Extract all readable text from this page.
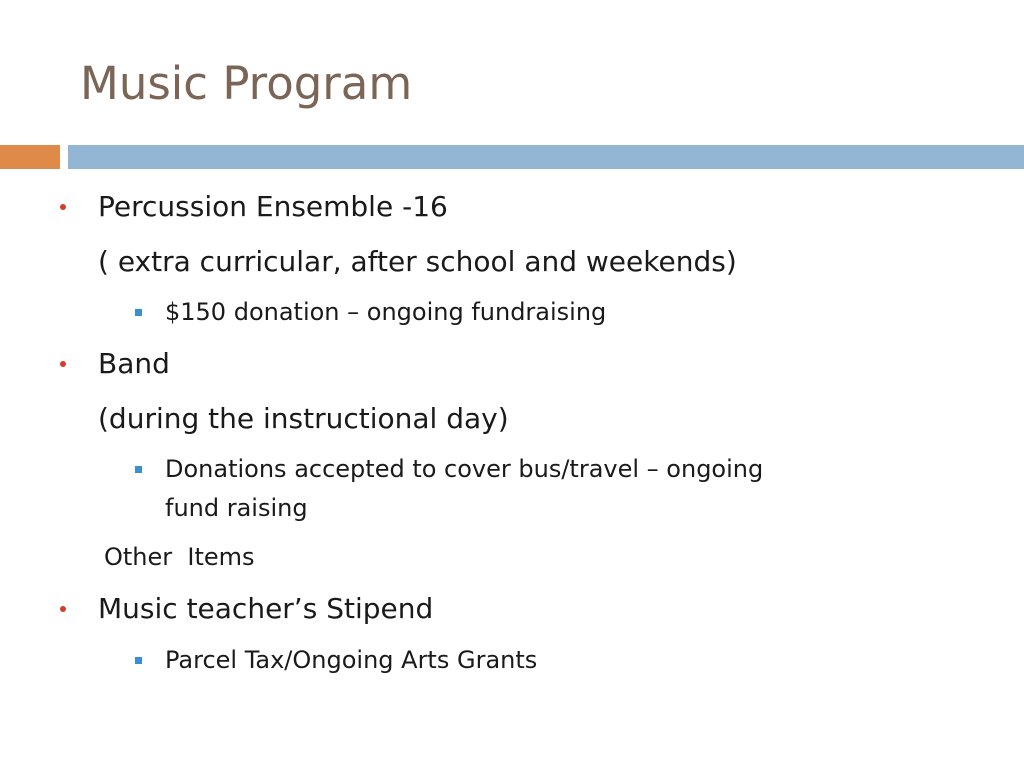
Music Program
Percussion Ensemble -16
( extra curricular, after school and weekends)
$150 donation – ongoing fundraising
Band
(during the instructional day)
Donations accepted to cover bus/travel – ongoing
fund raising
Other  Items
Music teacher’s Stipend
Parcel Tax/Ongoing Arts Grants
